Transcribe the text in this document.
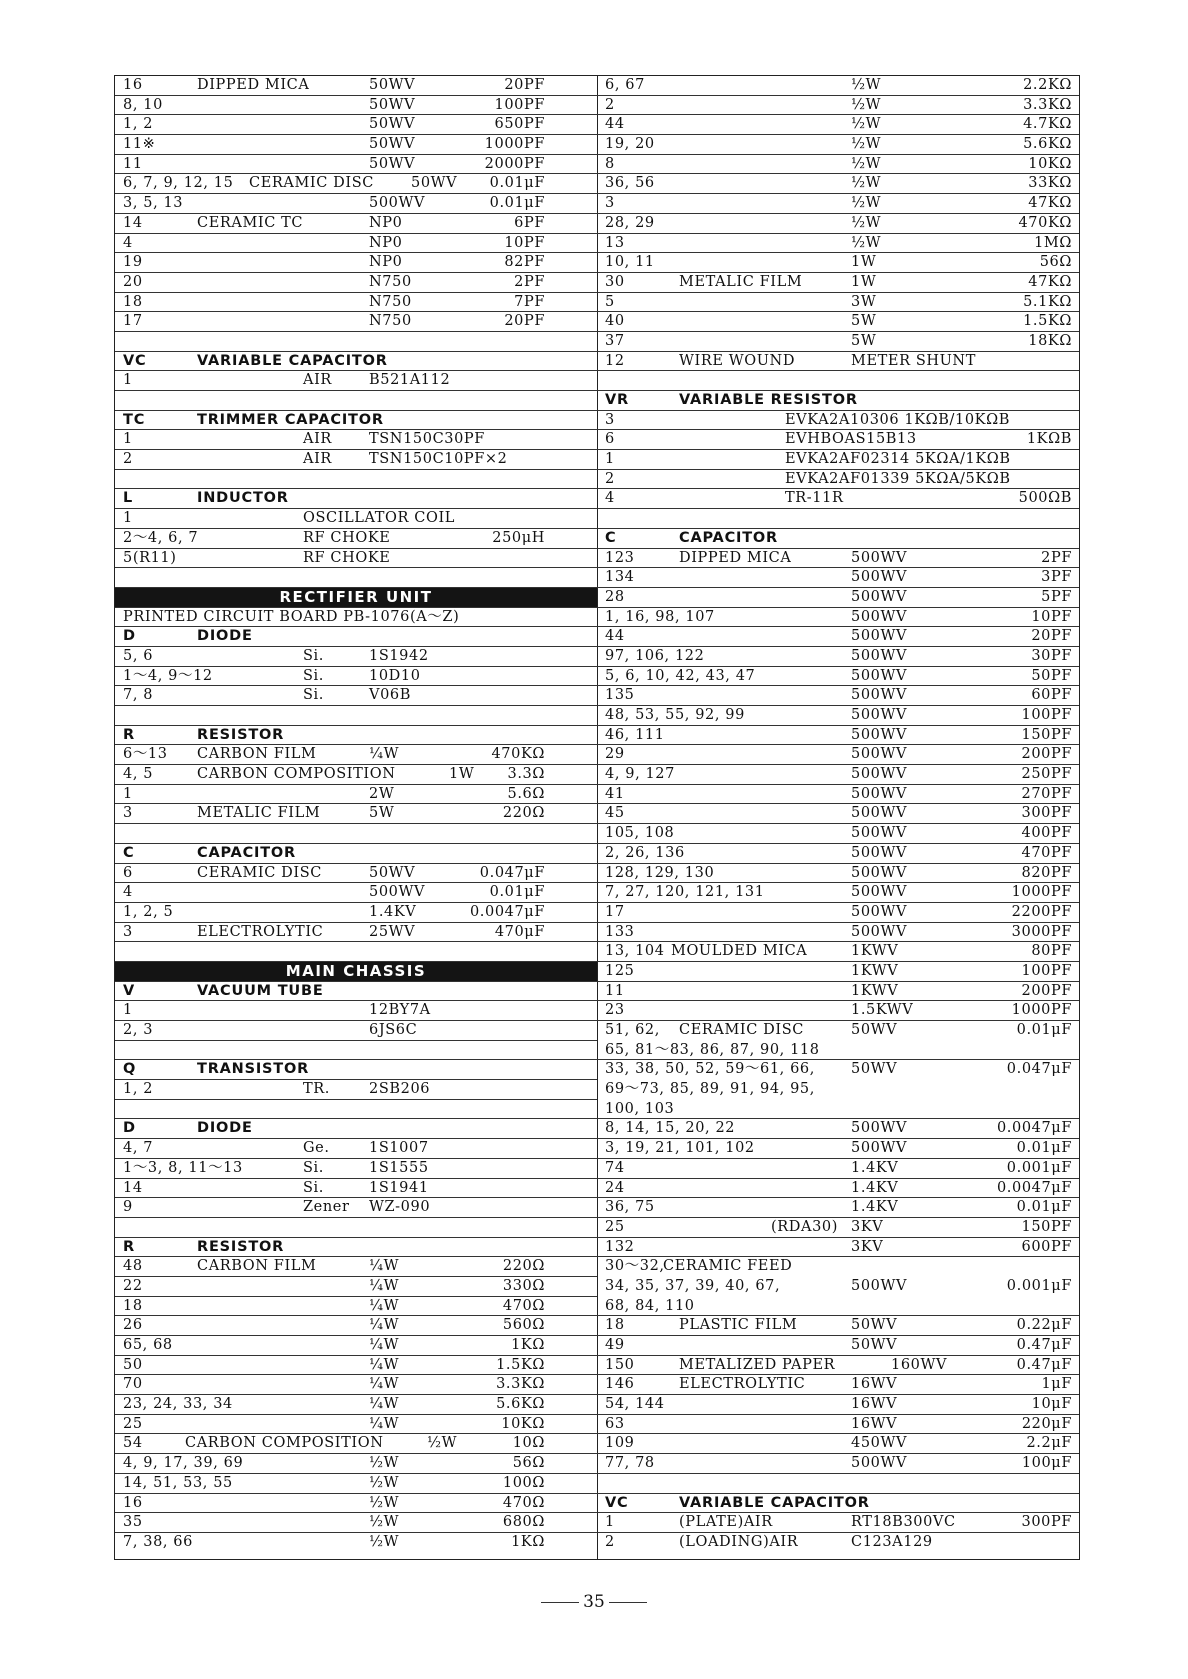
16	DIPPED MICA	50WV	20PF
8, 10	50WV	100PF
1, 2	50WV	650PF
11※	50WV	1000PF
11	50WV	2000PF
6, 7, 9, 12, 15 CERAMIC DISC	50WV	0.01μF
3, 5, 13	500WV	0.01μF
14	CERAMIC TC	NP0	6PF
4	NP0	10PF
19	NP0	82PF
20	N750	2PF
18	N750	7PF
17	N750	20PF
VC	VARIABLE CAPACITOR
1	AIR	B521A112
TC	TRIMMER CAPACITOR
1	AIR	TSN150C30PF
2	AIR	TSN150C10PF×2
L	INDUCTOR
1	OSCILLATOR COIL
2～4, 6, 7	RF CHOKE	250μH
5(R11)	RF CHOKE
RECTIFIER UNIT
PRINTED CIRCUIT BOARD PB-1076(A～Z)
D	DIODE
5, 6	Si.	1S1942
1～4, 9～12	Si.	10D10
7, 8	Si.	V06B
R	RESISTOR
6～13 CARBON FILM	¼W	470KΩ
4, 5	CARBON COMPOSITION	1W	3.3Ω
1	2W	5.6Ω
3	METALIC FILM	5W	220Ω
C	CAPACITOR
6	CERAMIC DISC	50WV	0.047μF
4	500WV	0.01μF
1, 2, 5	1.4KV	0.0047μF
3	ELECTROLYTIC	25WV	470μF
MAIN CHASSIS
V	VACUUM TUBE
1	12BY7A
2, 3	6JS6C
Q	TRANSISTOR
1, 2	TR.	2SB206
D	DIODE
4, 7	Ge.	1S1007
1～3, 8, 11～13	Si.	1S1555
14	Si.	1S1941
9	Zener WZ-090
R	RESISTOR
48	CARBON FILM	¼W	220Ω
22	¼W	330Ω
18	¼W	470Ω
26	¼W	560Ω
65, 68	¼W	1KΩ
50	¼W	1.5KΩ
70	¼W	3.3KΩ
23, 24, 33, 34	¼W	5.6KΩ
25	¼W	10KΩ
54	CARBON COMPOSITION	½W	10Ω
4, 9, 17, 39, 69	½W	56Ω
14, 51, 53, 55	½W	100Ω
16	½W	470Ω
35	½W	680Ω
7, 38, 66	½W	1KΩ
6, 67	½W	2.2KΩ
2	½W	3.3KΩ
44	½W	4.7KΩ
19, 20	½W	5.6KΩ
8	½W	10KΩ
36, 56	½W	33KΩ
3	½W	47KΩ
28, 29	½W	470KΩ
13	½W	1MΩ
10, 11	1W	56Ω
30	METALIC FILM	1W	47KΩ
5	3W	5.1KΩ
40	5W	1.5KΩ
37	5W	18KΩ
12	WIRE WOUND	METER SHUNT
VR	VARIABLE RESISTOR
3	EVKA2A10306 1KΩB/10KΩB
6	EVHBOAS15B13	1KΩB
1	EVKA2AF02314 5KΩA/1KΩB
2	EVKA2AF01339 5KΩA/5KΩB
4	TR-11R	500ΩB
C	CAPACITOR
123	DIPPED MICA	500WV	2PF
134	500WV	3PF
28	500WV	5PF
1, 16, 98, 107	500WV	10PF
44	500WV	20PF
97, 106, 122	500WV	30PF
5, 6, 10, 42, 43, 47	500WV	50PF
135	500WV	60PF
48, 53, 55, 92, 99	500WV	100PF
46, 111	500WV	150PF
29	500WV	200PF
4, 9, 127	500WV	250PF
41	500WV	270PF
45	500WV	300PF
105, 108	500WV	400PF
2, 26, 136	500WV	470PF
128, 129, 130	500WV	820PF
7, 27, 120, 121, 131	500WV	1000PF
17	500WV	2200PF
133	500WV	3000PF
13, 104 MOULDED MICA	1KWV	80PF
125	1KWV	100PF
11	1KWV	200PF
23	1.5KWV	1000PF
51, 62, CERAMIC DISC	50WV	0.01μF
65, 81～83, 86, 87, 90, 118
33, 38, 50, 52, 59～61, 66, 50WV	0.047μF
69～73, 85, 89, 91, 94, 95,
100, 103
8, 14, 15, 20, 22	500WV	0.0047μF
3, 19, 21, 101, 102	500WV	0.01μF
74	1.4KV	0.001μF
24	1.4KV	0.0047μF
36, 75	1.4KV	0.01μF
25	(RDA30) 3KV	150PF
132	3KV	600PF
30～32,
CERAMIC FEED
34, 35, 37, 39, 40, 67,	500WV	0.001μF
68, 84, 110
18	PLASTIC FILM	50WV	0.22μF
49	50WV	0.47μF
150	METALIZED PAPER	160WV	0.47μF
146	ELECTROLYTIC	16WV	1μF
54, 144	16WV	10μF
63	16WV	220μF
109	450WV	2.2μF
77, 78	500WV	100μF
VC	VARIABLE CAPACITOR
1	(PLATE)AIR	RT18B300VC	300PF
2	(LOADING)AIR	C123A129
35
